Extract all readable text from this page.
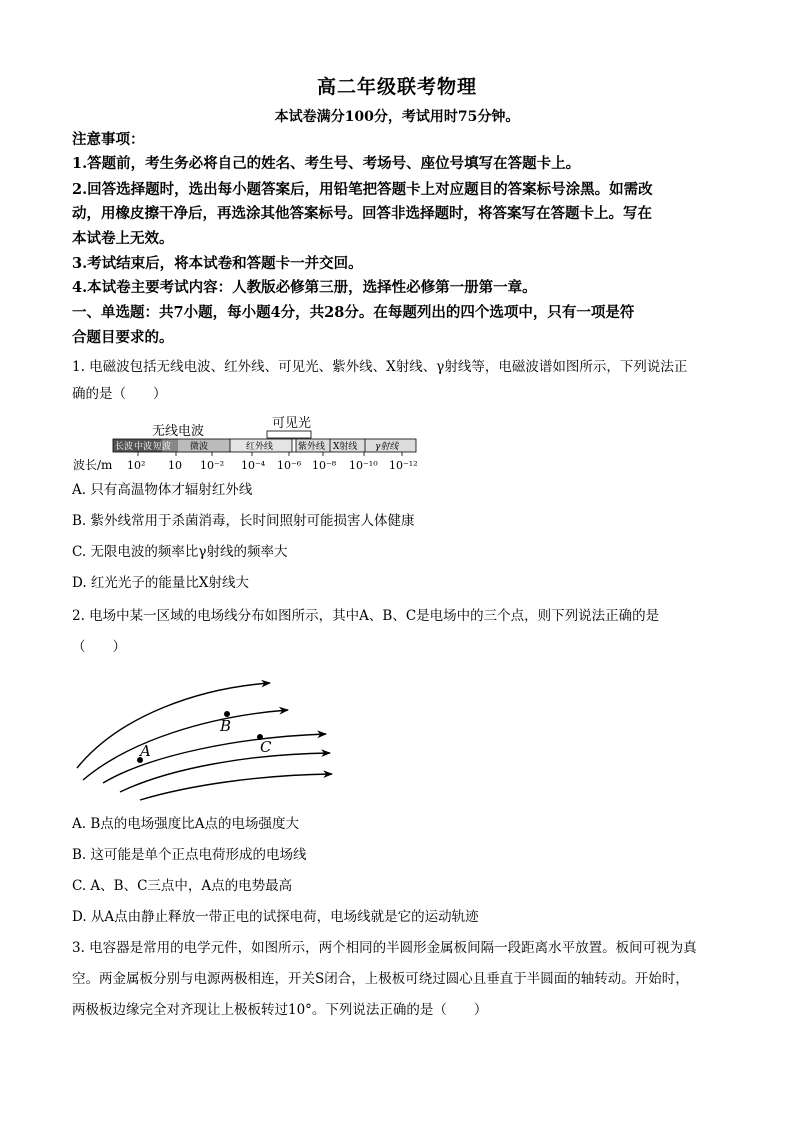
高二年级联考物理
本试卷满分100分，考试用时75分钟。
注意事项：
1.答题前，考生务必将自己的姓名、考生号、考场号、座位号填写在答题卡上。
2.回答选择题时，选出每小题答案后，用铅笔把答题卡上对应题目的答案标号涂黑。如需改
动，用橡皮擦干净后，再选涂其他答案标号。回答非选择题时，将答案写在答题卡上。写在
本试卷上无效。
3.考试结束后，将本试卷和答题卡一并交回。
4.本试卷主要考试内容：人教版必修第三册，选择性必修第一册第一章。
一、单选题：共7小题，每小题4分，共28分。在每题列出的四个选项中，只有一项是符
合题目要求的。
1. 电磁波包括无线电波、红外线、可见光、紫外线、X射线、γ射线等，电磁波谱如图所示，下列说法正
确的是（　　）
无线电波
可见光
长波 中波 短波 微波	红外线	紫外线 X射线 γ射线
波长/m 10² 10 10⁻² 10⁻⁴ 10⁻⁶ 10⁻⁸ 10⁻¹⁰ 10⁻¹²
A. 只有高温物体才辐射红外线
B. 紫外线常用于杀菌消毒，长时间照射可能损害人体健康
C. 无限电波的频率比γ射线的频率大
D. 红光光子的能量比X射线大
2. 电场中某一区域的电场线分布如图所示，其中A、B、C是电场中的三个点，则下列说法正确的是
（　　）
A
B
C
A. B点的电场强度比A点的电场强度大
B. 这可能是单个正点电荷形成的电场线
C. A、B、C三点中，A点的电势最高
D. 从A点由静止释放一带正电的试探电荷，电场线就是它的运动轨迹
3. 电容器是常用的电学元件，如图所示，两个相同的半圆形金属板间隔一段距离水平放置。板间可视为真
空。两金属板分别与电源两极相连，开关S闭合，上极板可绕过圆心且垂直于半圆面的轴转动。开始时，
两极板边缘完全对齐现让上极板转过10°。下列说法正确的是（　　）
